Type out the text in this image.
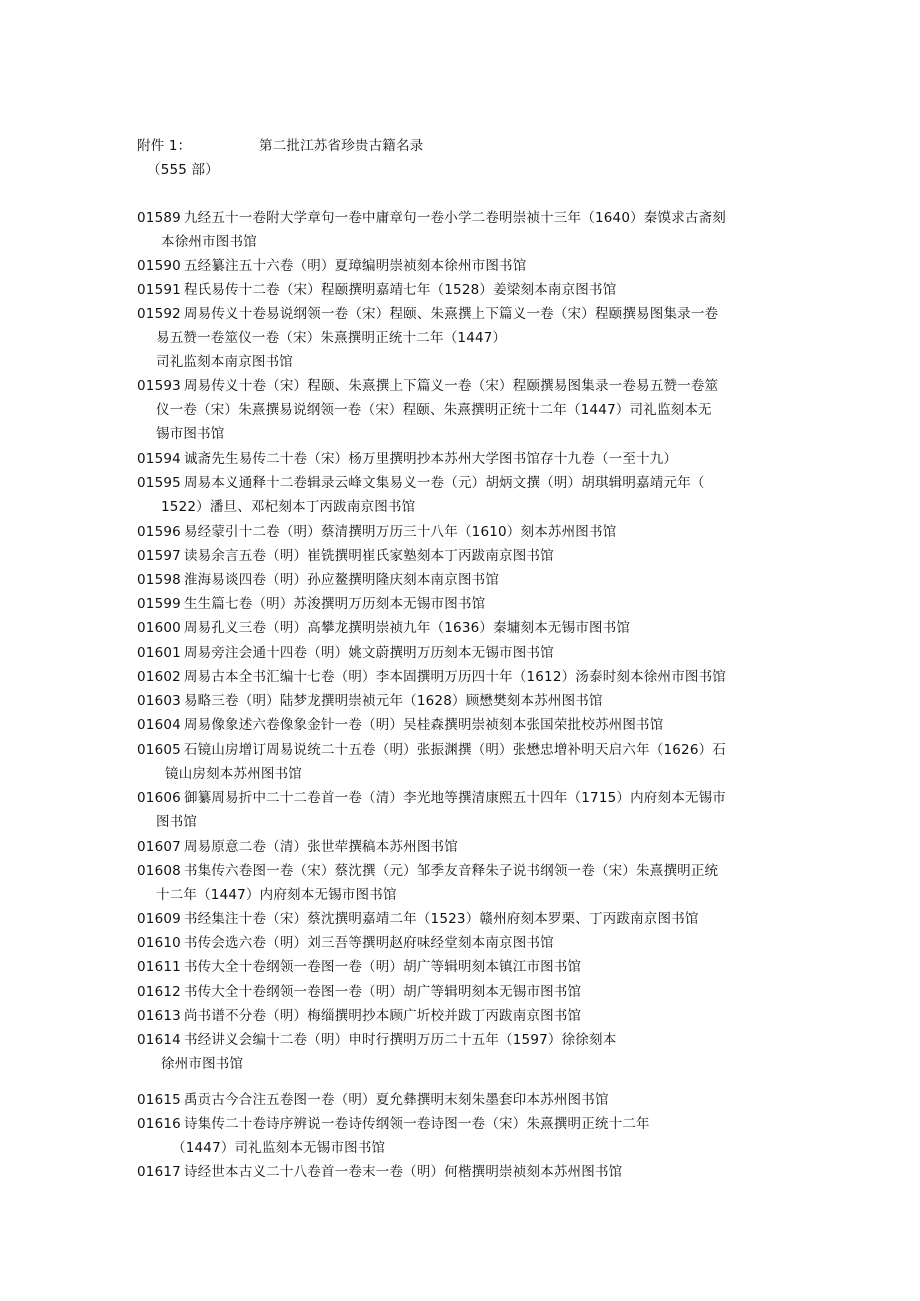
附件 1：	第二批江苏省珍贵古籍名录
（555 部）
01589 九经五十一卷附大学章句一卷中庸章句一卷小学二卷明崇祯十三年（1640）秦馍求古斋刻
本徐州市图书馆
01590 五经纂注五十六卷（明）夏璋编明崇祯刻本徐州市图书馆
01591 程氏易传十二卷（宋）程颐撰明嘉靖七年（1528）姜梁刻本南京图书馆
01592 周易传义十卷易说纲领一卷（宋）程颐、朱熹撰上下篇义一卷（宋）程颐撰易图集录一卷
易五赞一卷筮仪一卷（宋）朱熹撰明正统十二年（1447）
司礼监刻本南京图书馆
01593 周易传义十卷（宋）程颐、朱熹撰上下篇义一卷（宋）程颐撰易图集录一卷易五赞一卷筮
仪一卷（宋）朱熹撰易说纲领一卷（宋）程颐、朱熹撰明正统十二年（1447）司礼监刻本无
锡市图书馆
01594 诚斋先生易传二十卷（宋）杨万里撰明抄本苏州大学图书馆存十九卷（一至十九）
01595 周易本义通释十二卷辑录云峰文集易义一卷（元）胡炳文撰（明）胡琪辑明嘉靖元年（
1522）潘旦、邓杞刻本丁丙跋南京图书馆
01596 易经蒙引十二卷（明）蔡清撰明万历三十八年（1610）刻本苏州图书馆
01597 读易余言五卷（明）崔铣撰明崔氏家塾刻本丁丙跋南京图书馆
01598 淮海易谈四卷（明）孙应鳌撰明隆庆刻本南京图书馆
01599 生生篇七卷（明）苏浚撰明万历刻本无锡市图书馆
01600 周易孔义三卷（明）高攀龙撰明崇祯九年（1636）秦墉刻本无锡市图书馆
01601 周易旁注会通十四卷（明）姚文蔚撰明万历刻本无锡市图书馆
01602 周易古本全书汇编十七卷（明）李本固撰明万历四十年（1612）汤泰时刻本徐州市图书馆
01603 易略三卷（明）陆梦龙撰明崇祯元年（1628）顾懋樊刻本苏州图书馆
01604 周易像象述六卷像象金针一卷（明）吴桂森撰明崇祯刻本张国荣批校苏州图书馆
01605 石镜山房增订周易说统二十五卷（明）张振渊撰（明）张懋忠增补明天启六年（1626）石
镜山房刻本苏州图书馆
01606 御纂周易折中二十二卷首一卷（清）李光地等撰清康熙五十四年（1715）内府刻本无锡市
图书馆
01607 周易原意二卷（清）张世荦撰稿本苏州图书馆
01608 书集传六卷图一卷（宋）蔡沈撰（元）邹季友音释朱子说书纲领一卷（宋）朱熹撰明正统
十二年（1447）内府刻本无锡市图书馆
01609 书经集注十卷（宋）蔡沈撰明嘉靖二年（1523）赣州府刻本罗栗、丁丙跋南京图书馆
01610 书传会选六卷（明）刘三吾等撰明赵府味经堂刻本南京图书馆
01611 书传大全十卷纲领一卷图一卷（明）胡广等辑明刻本镇江市图书馆
01612 书传大全十卷纲领一卷图一卷（明）胡广等辑明刻本无锡市图书馆
01613 尚书谱不分卷（明）梅缁撰明抄本顾广圻校并跋丁丙跋南京图书馆
01614 书经讲义会编十二卷（明）申时行撰明万历二十五年（1597）徐徐刻本
徐州市图书馆
01615 禹贡古今合注五卷图一卷（明）夏允彝撰明末刻朱墨套印本苏州图书馆
01616 诗集传二十卷诗序辨说一卷诗传纲领一卷诗图一卷（宋）朱熹撰明正统十二年
（1447）司礼监刻本无锡市图书馆
01617 诗经世本古义二十八卷首一卷末一卷（明）何楷撰明崇祯刻本苏州图书馆
